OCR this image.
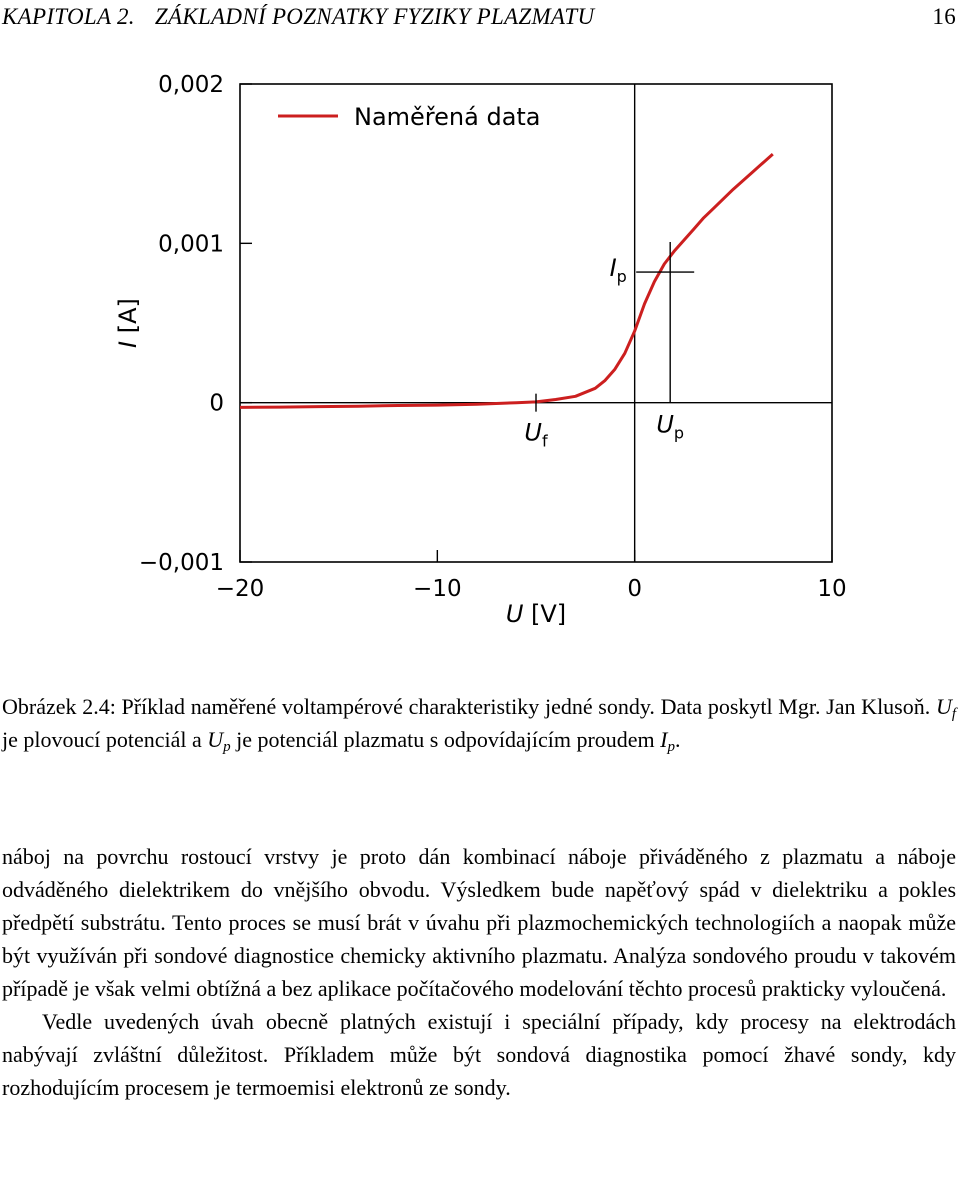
KAPITOLA 2. ZÁKLADNÍ POZNATKY FYZIKY PLAZMATU	16
−0,001
0
0,001
0,002
−20	−10	0	10
I [A]
U [V]
$U_f$
$U_p$
$I_p$
Naměřená data
Obrázek 2.4: Příklad naměřené voltampérové charakteristiky jedné sondy. Data poskytl Mgr. Jan Klusoň. $U_f$ je plovoucí potenciál a $U_p$ je potenciál plazmatu s odpovídajícím proudem $I_p$.

náboj na povrchu rostoucí vrstvy je proto dán kombinací náboje přiváděného z plazmatu a náboje odváděného dielektrikem do vnějšího obvodu. Výsledkem bude napěťový spád v dielektriku a pokles předpětí substrátu. Tento proces se musí brát v úvahu při plazmochemických technologiích a naopak může být využíván při sondové diagnostice chemicky aktivního plazmatu. Analýza sondového proudu v takovém případě je však velmi obtížná a bez aplikace počítačového modelování těchto procesů prakticky vyloučená.

Vedle uvedených úvah obecně platných existují i speciální případy, kdy procesy na elektrodách nabývají zvláštní důležitost. Příkladem může být sondová diagnostika pomocí žhavé sondy, kdy rozhodujícím procesem je termoemisi elektronů ze sondy.
